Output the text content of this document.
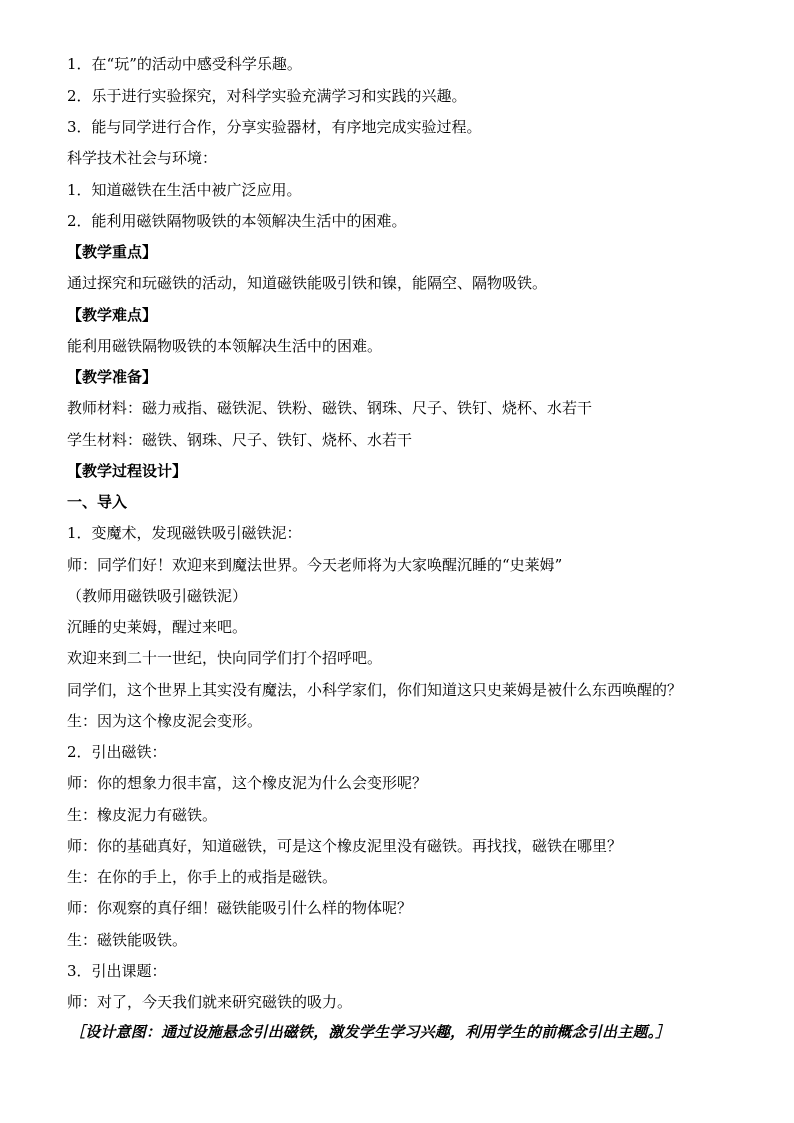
1．在“玩”的活动中感受科学乐趣。
2．乐于进行实验探究，对科学实验充满学习和实践的兴趣。
3．能与同学进行合作，分享实验器材，有序地完成实验过程。
科学技术社会与环境：
1．知道磁铁在生活中被广泛应用。
2．能利用磁铁隔物吸铁的本领解决生活中的困难。
【教学重点】
通过探究和玩磁铁的活动，知道磁铁能吸引铁和镍，能隔空、隔物吸铁。
【教学难点】
能利用磁铁隔物吸铁的本领解决生活中的困难。
【教学准备】
教师材料：磁力戒指、磁铁泥、铁粉、磁铁、钢珠、尺子、铁钉、烧杯、水若干
学生材料：磁铁、钢珠、尺子、铁钉、烧杯、水若干
【教学过程设计】
一、导入
1．变魔术，发现磁铁吸引磁铁泥：
师：同学们好！欢迎来到魔法世界。今天老师将为大家唤醒沉睡的“史莱姆”
（教师用磁铁吸引磁铁泥）
沉睡的史莱姆，醒过来吧。
欢迎来到二十一世纪，快向同学们打个招呼吧。
同学们，这个世界上其实没有魔法，小科学家们，你们知道这只史莱姆是被什么东西唤醒的？
生：因为这个橡皮泥会变形。
2．引出磁铁：
师：你的想象力很丰富，这个橡皮泥为什么会变形呢？
生：橡皮泥力有磁铁。
师：你的基础真好，知道磁铁，可是这个橡皮泥里没有磁铁。再找找，磁铁在哪里？
生：在你的手上，你手上的戒指是磁铁。
师：你观察的真仔细！磁铁能吸引什么样的物体呢？
生：磁铁能吸铁。
3．引出课题：
师：对了，今天我们就来研究磁铁的吸力。
［设计意图：通过设施悬念引出磁铁，激发学生学习兴趣，利用学生的前概念引出主题。］
